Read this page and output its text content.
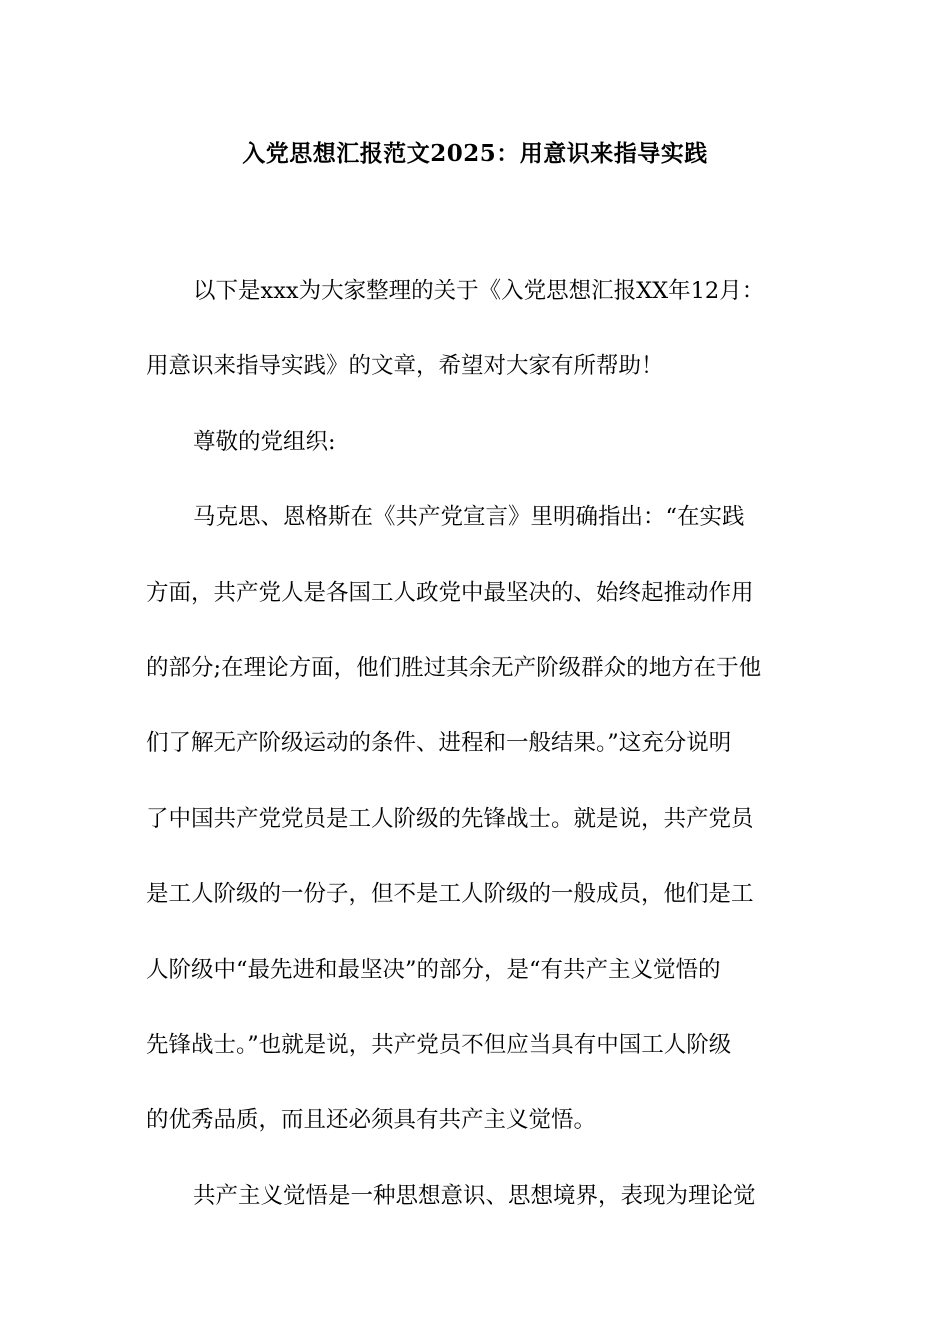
入党思想汇报范文2025：用意识来指导实践
以下是xxx为大家整理的关于《入党思想汇报XX年12月：
用意识来指导实践》的文章，希望对大家有所帮助！
尊敬的党组织:
马克思、恩格斯在《共产党宣言》里明确指出：“在实践
方面，共产党人是各国工人政党中最坚决的、始终起推动作用
的部分;在理论方面，他们胜过其余无产阶级群众的地方在于他
们了解无产阶级运动的条件、进程和一般结果。”这充分说明
了中国共产党党员是工人阶级的先锋战士。就是说，共产党员
是工人阶级的一份子，但不是工人阶级的一般成员，他们是工
人阶级中“最先进和最坚决”的部分，是“有共产主义觉悟的
先锋战士。”也就是说，共产党员不但应当具有中国工人阶级
的优秀品质，而且还必须具有共产主义觉悟。
共产主义觉悟是一种思想意识、思想境界，表现为理论觉
